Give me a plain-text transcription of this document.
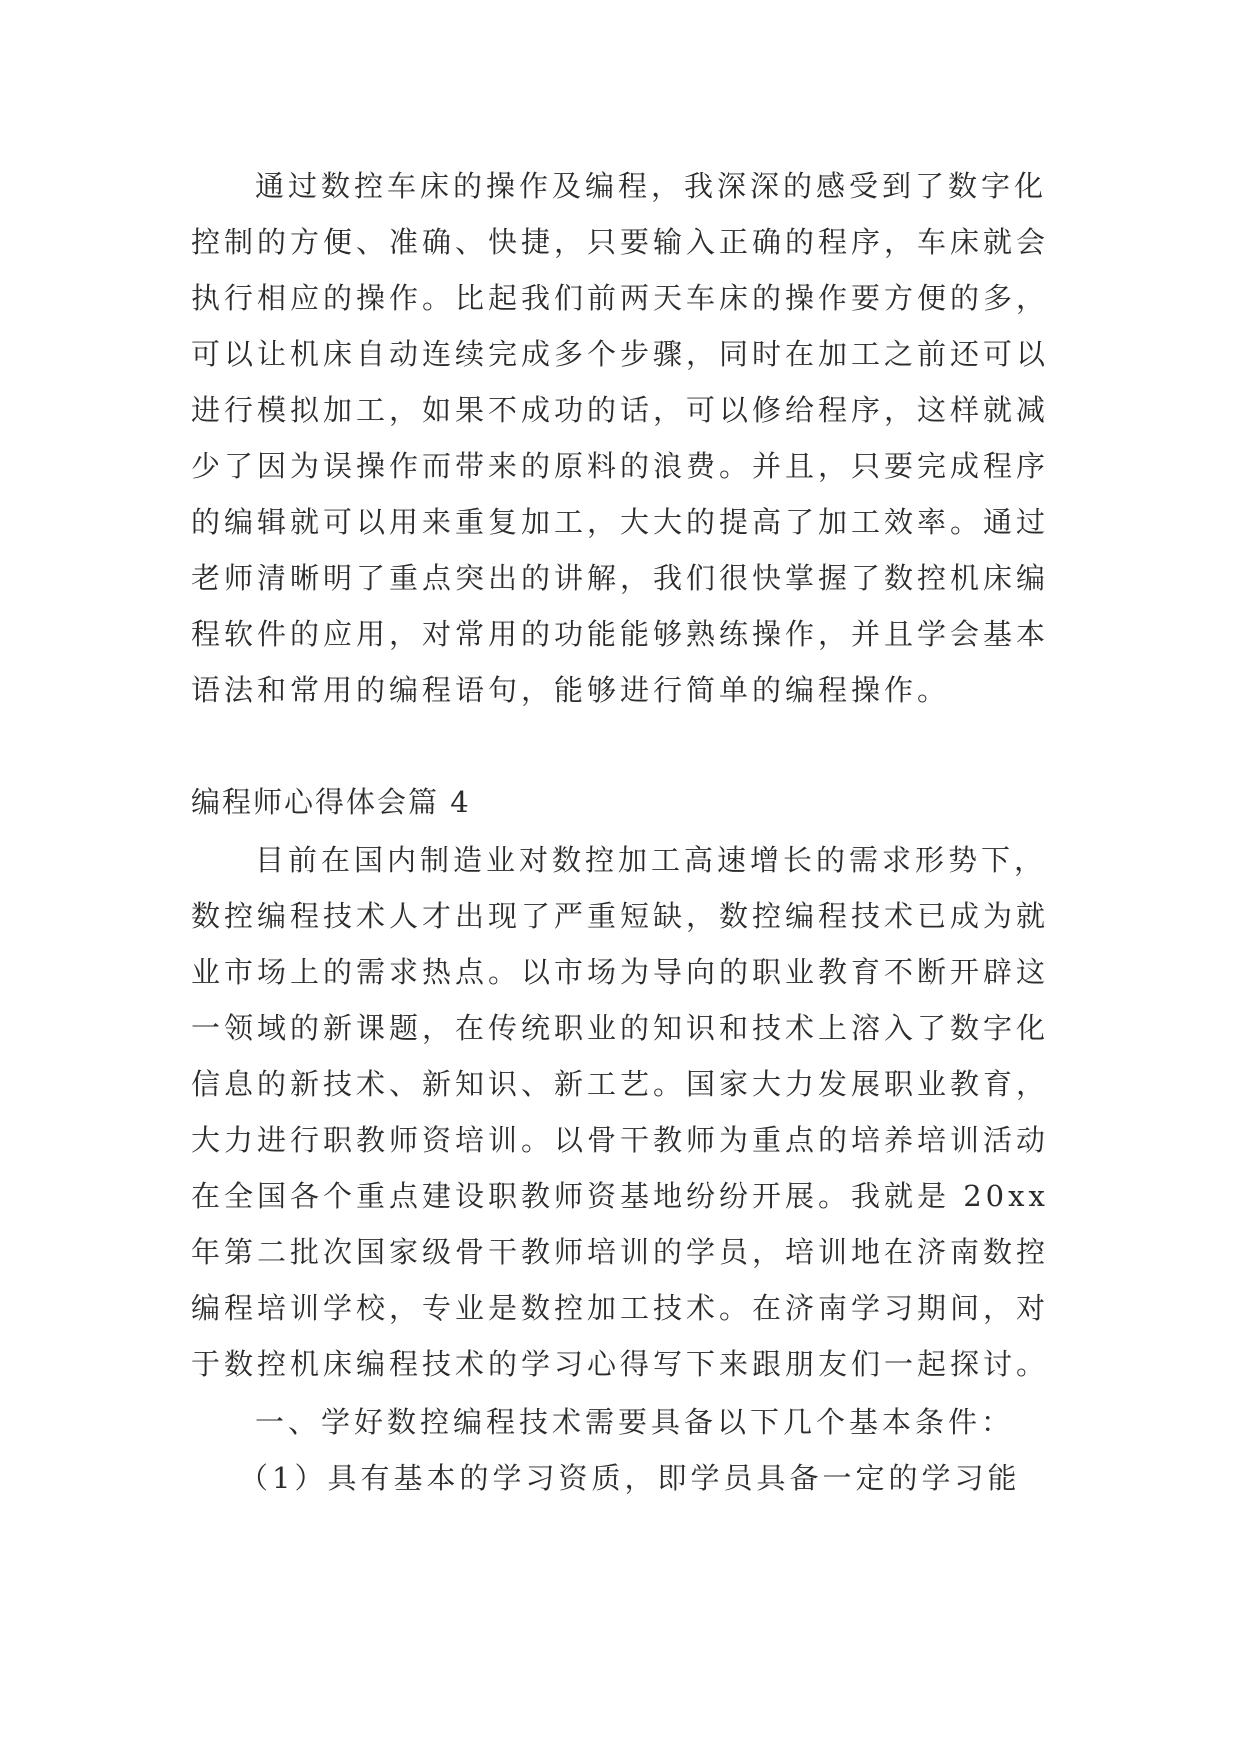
通过数控车床的操作及编程，我深深的感受到了数字化
控制的方便、准确、快捷，只要输入正确的程序，车床就会
执行相应的操作。比起我们前两天车床的操作要方便的多，
可以让机床自动连续完成多个步骤，同时在加工之前还可以
进行模拟加工，如果不成功的话，可以修给程序，这样就减
少了因为误操作而带来的原料的浪费。并且，只要完成程序
的编辑就可以用来重复加工，大大的提高了加工效率。通过
老师清晰明了重点突出的讲解，我们很快掌握了数控机床编
程软件的应用，对常用的功能能够熟练操作，并且学会基本
语法和常用的编程语句，能够进行简单的编程操作。
编程师心得体会篇 4
目前在国内制造业对数控加工高速增长的需求形势下，
数控编程技术人才出现了严重短缺，数控编程技术已成为就
业市场上的需求热点。以市场为导向的职业教育不断开辟这
一领域的新课题，在传统职业的知识和技术上溶入了数字化
信息的新技术、新知识、新工艺。国家大力发展职业教育，
大力进行职教师资培训。以骨干教师为重点的培养培训活动
在全国各个重点建设职教师资基地纷纷开展。我就是 20xx
年第二批次国家级骨干教师培训的学员，培训地在济南数控
编程培训学校，专业是数控加工技术。在济南学习期间，对
于数控机床编程技术的学习心得写下来跟朋友们一起探讨。
一、学好数控编程技术需要具备以下几个基本条件：
（1）具有基本的学习资质，即学员具备一定的学习能
